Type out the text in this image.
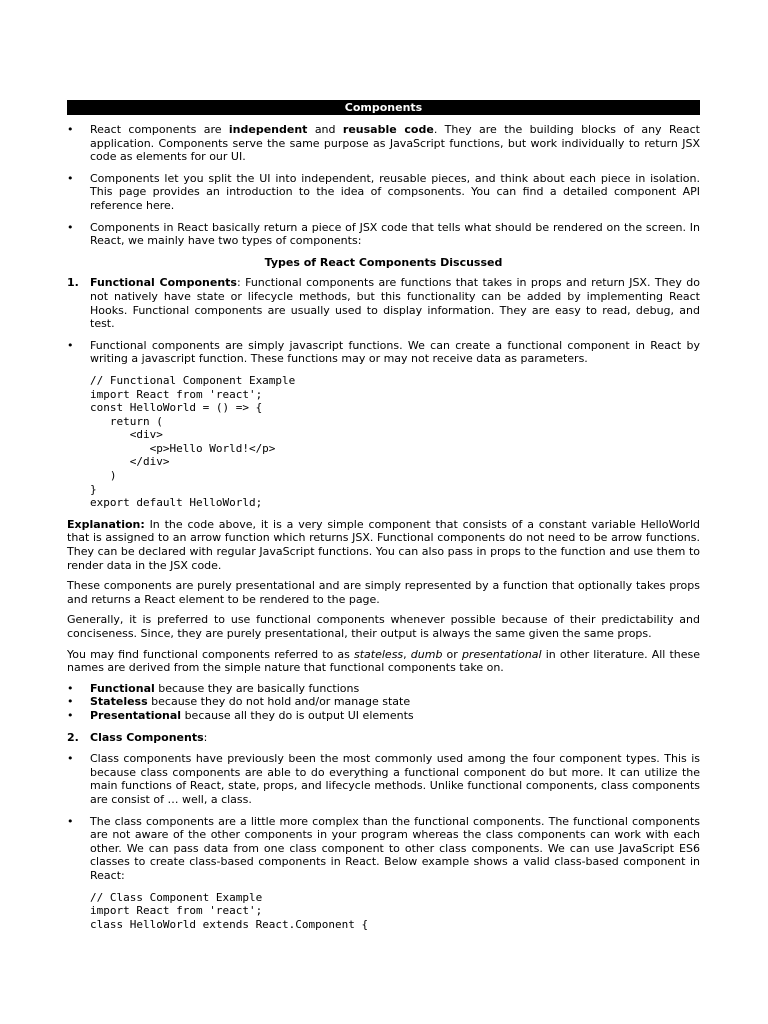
Components
• React components are independent and reusable code. They are the building blocks of any React application. Components serve the same purpose as JavaScript functions, but work individually to return JSX code as elements for our UI.
• Components let you split the UI into independent, reusable pieces, and think about each piece in isolation. This page provides an introduction to the idea of compsonents. You can find a detailed component API reference here.
• Components in React basically return a piece of JSX code that tells what should be rendered on the screen. In React, we mainly have two types of components:
Types of React Components Discussed
1. Functional Components: Functional components are functions that takes in props and return JSX. They do not natively have state or lifecycle methods, but this functionality can be added by implementing React Hooks. Functional components are usually used to display information. They are easy to read, debug, and test.
• Functional components are simply javascript functions. We can create a functional component in React by writing a javascript function. These functions may or may not receive data as parameters.
// Functional Component Example
import React from 'react';
const HelloWorld = () => {
return (
<div>
<p>Hello World!</p>
</div>
)
}
export default HelloWorld;

Explanation: In the code above, it is a very simple component that consists of a constant variable HelloWorld that is assigned to an arrow function which returns JSX. Functional components do not need to be arrow functions. They can be declared with regular JavaScript functions. You can also pass in props to the function and use them to render data in the JSX code.

These components are purely presentational and are simply represented by a function that optionally takes props and returns a React element to be rendered to the page.

Generally, it is preferred to use functional components whenever possible because of their predictability and conciseness. Since, they are purely presentational, their output is always the same given the same props.

You may find functional components referred to as stateless, dumb or presentational in other literature. All these names are derived from the simple nature that functional components take on.

• Functional because they are basically functions
• Stateless because they do not hold and/or manage state
• Presentational because all they do is output UI elements
2. Class Components:
• Class components have previously been the most commonly used among the four component types. This is because class components are able to do everything a functional component do but more. It can utilize the main functions of React, state, props, and lifecycle methods. Unlike functional components, class components are consist of … well, a class.
• The class components are a little more complex than the functional components. The functional components are not aware of the other components in your program whereas the class components can work with each other. We can pass data from one class component to other class components. We can use JavaScript ES6 classes to create class-based components in React. Below example shows a valid class-based component in React:
// Class Component Example
import React from 'react';
class HelloWorld extends React.Component {
